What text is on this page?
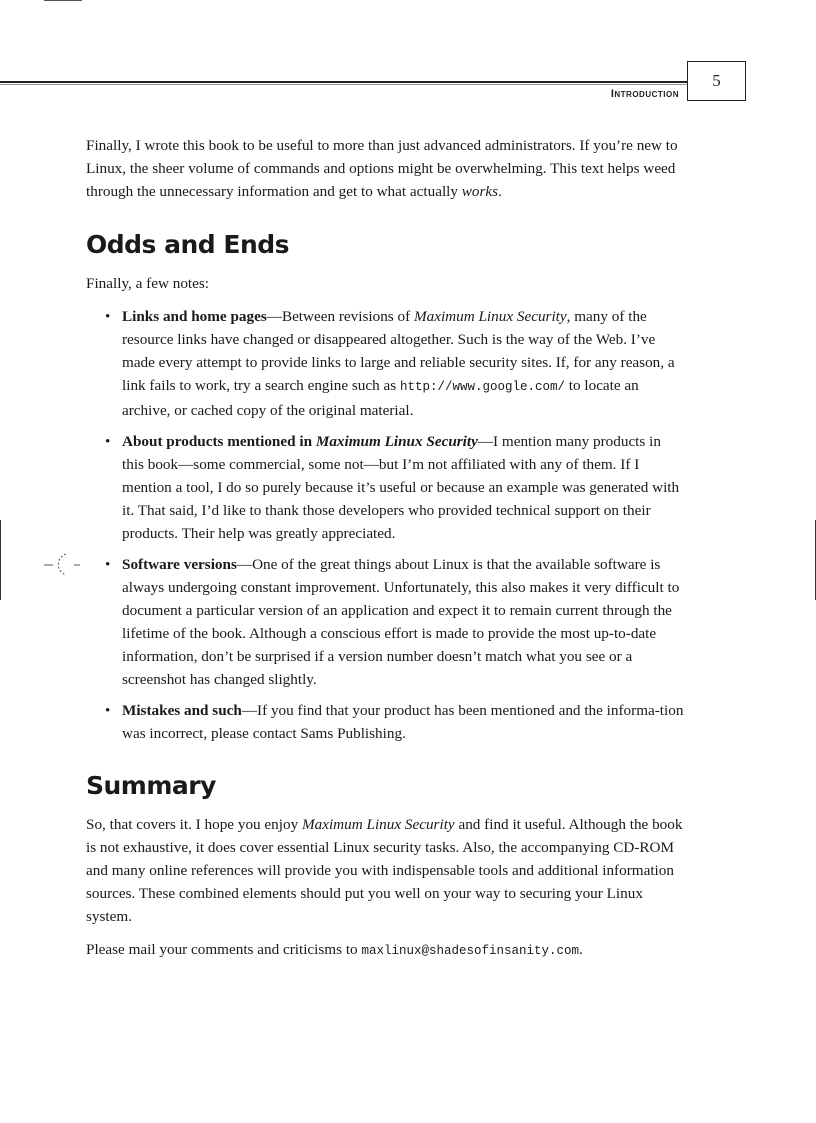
Introduction
5

Finally, I wrote this book to be useful to more than just advanced administrators. If you’re new to Linux, the sheer volume of commands and options might be overwhelming. This text helps weed through the unnecessary information and get to what actually works.

Odds and Ends

Finally, a few notes:

• Links and home pages—Between revisions of Maximum Linux Security, many of the resource links have changed or disappeared altogether. Such is the way of the Web. I’ve made every attempt to provide links to large and reliable security sites. If, for any reason, a link fails to work, try a search engine such as http://www.google.com/ to locate an archive, or cached copy of the original material.
• About products mentioned in Maximum Linux Security—I mention many products in this book—some commercial, some not—but I’m not affiliated with any of them. If I mention a tool, I do so purely because it’s useful or because an example was generated with it. That said, I’d like to thank those developers who provided technical support on their products. Their help was greatly appreciated.
• Software versions—One of the great things about Linux is that the available software is always undergoing constant improvement. Unfortunately, this also makes it very difficult to document a particular version of an application and expect it to remain current through the lifetime of the book. Although a conscious effort is made to provide the most up-to-date information, don’t be surprised if a version number doesn’t match what you see or a screenshot has changed slightly.
• Mistakes and such—If you find that your product has been mentioned and the informa-tion was incorrect, please contact Sams Publishing.
Summary

So, that covers it. I hope you enjoy Maximum Linux Security and find it useful. Although the book is not exhaustive, it does cover essential Linux security tasks. Also, the accompanying CD-ROM and many online references will provide you with indispensable tools and additional information sources. These combined elements should put you well on your way to securing your Linux system.

Please mail your comments and criticisms to maxlinux@shadesofinsanity.com.
